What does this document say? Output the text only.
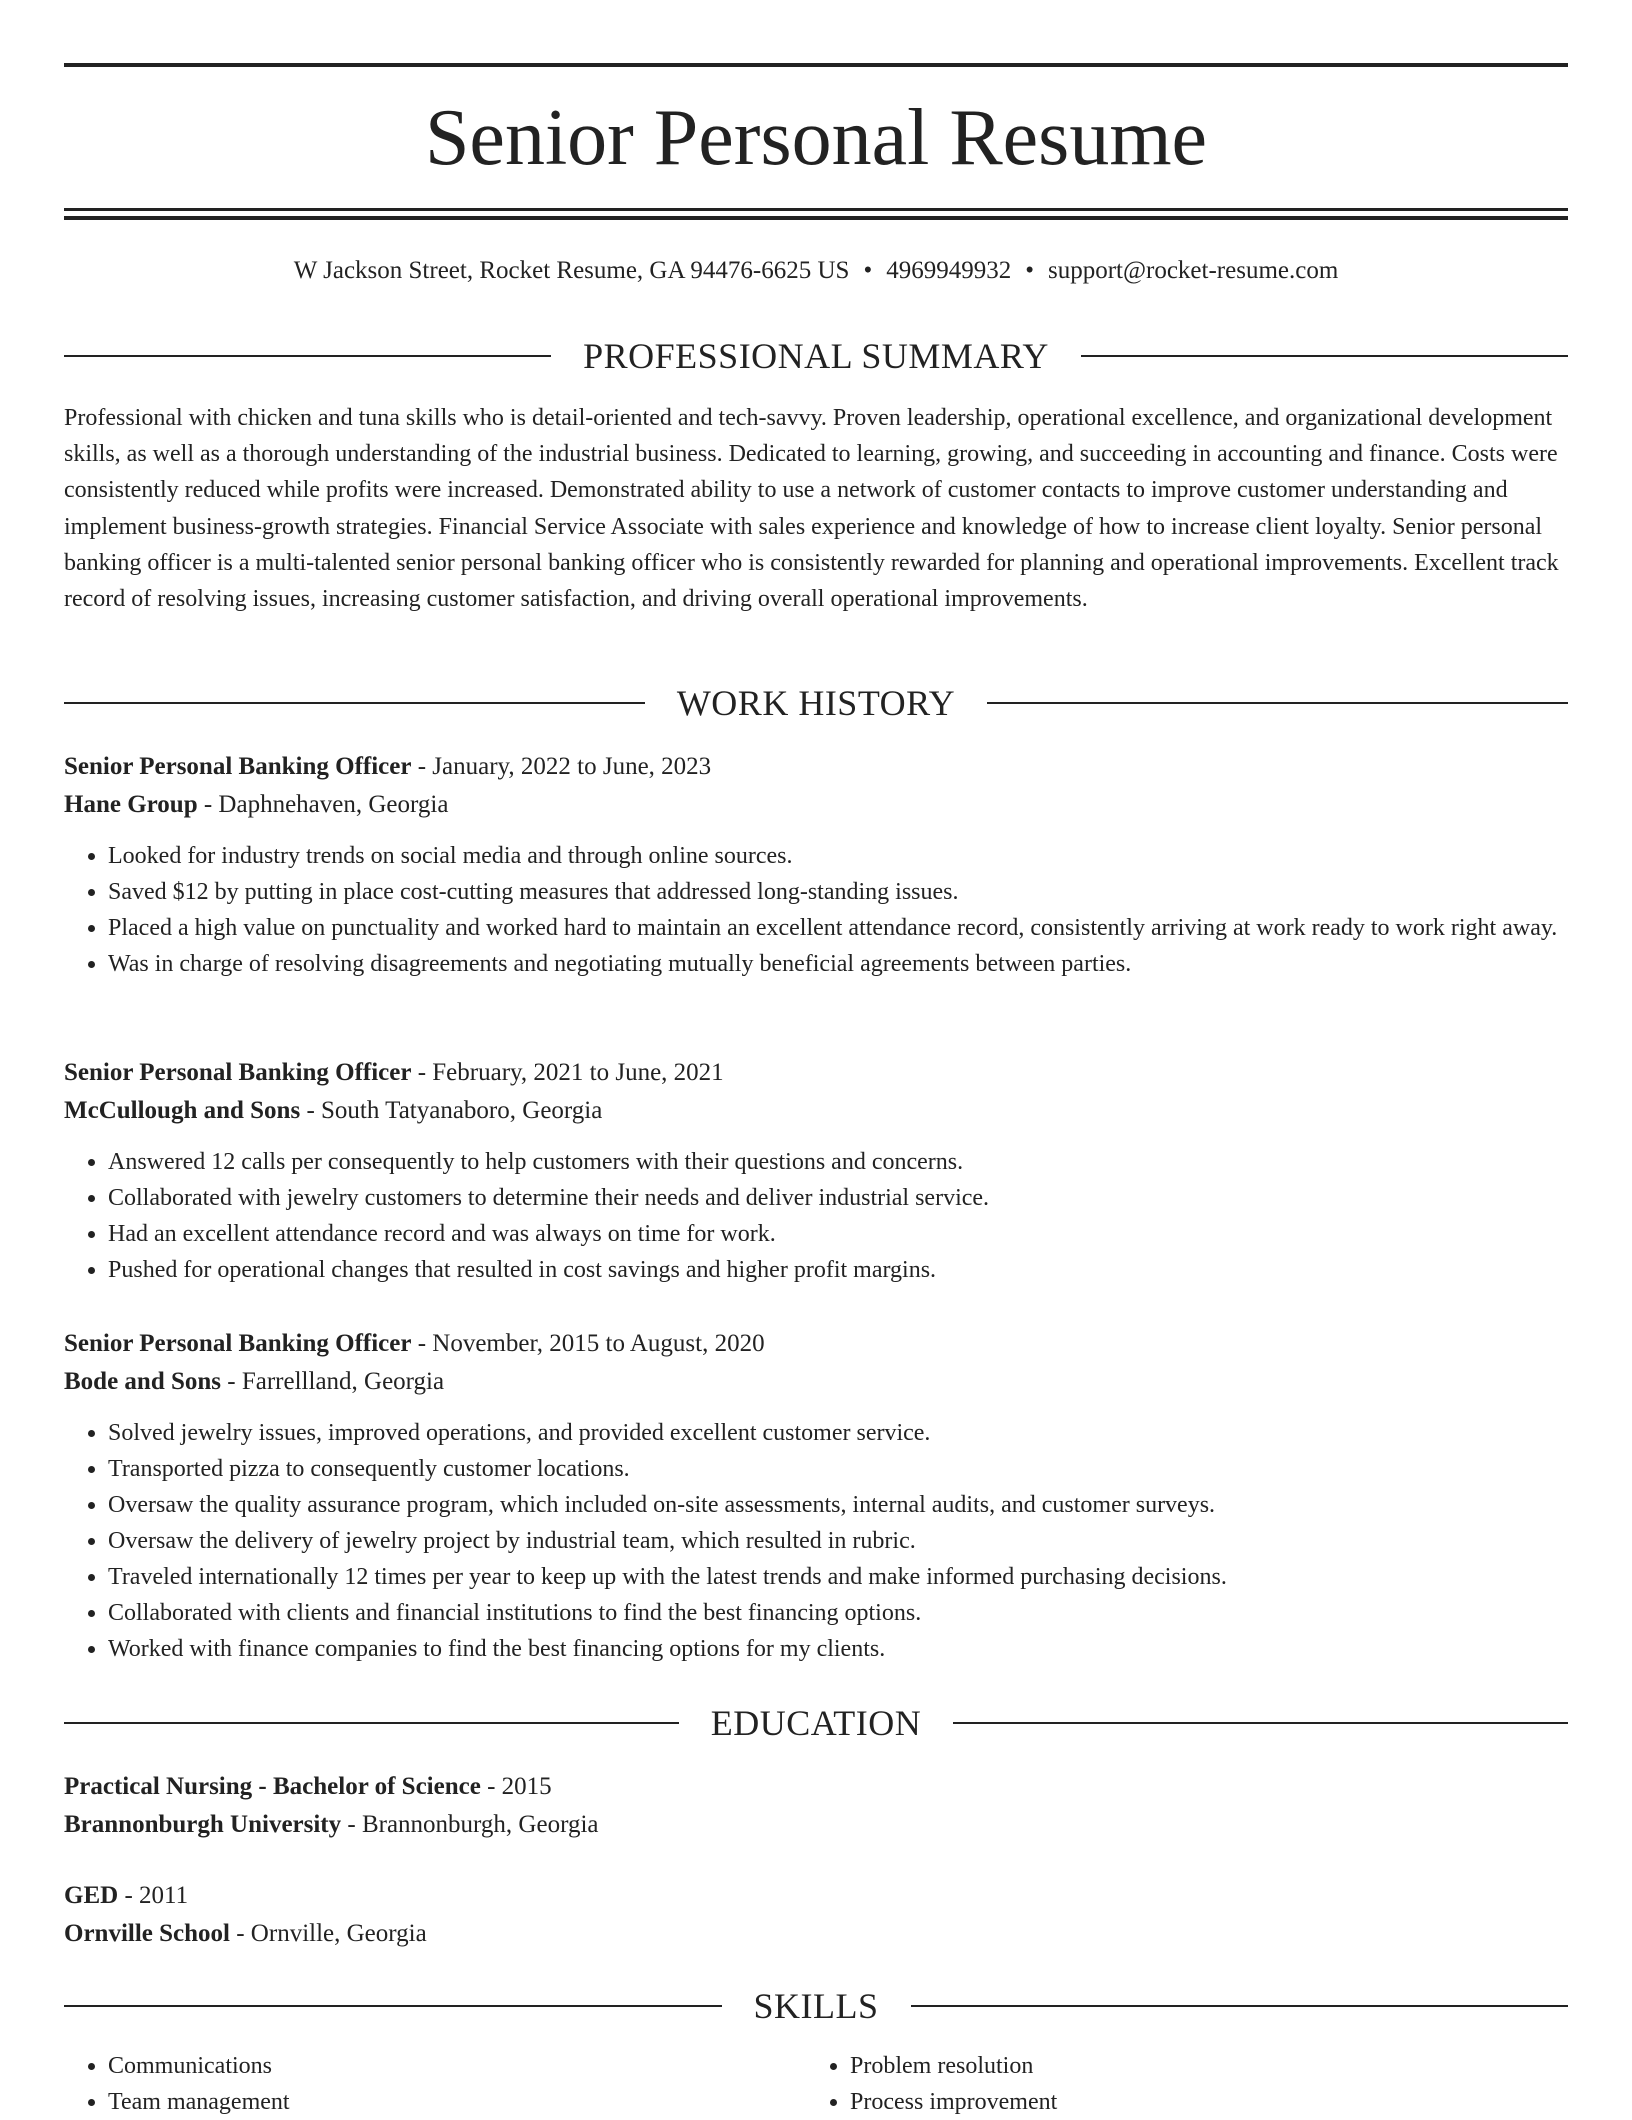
Senior Personal Resume
W Jackson Street, Rocket Resume, GA 94476-6625 US • 4969949932 • support@rocket-resume.com
PROFESSIONAL SUMMARY

Professional with chicken and tuna skills who is detail-oriented and tech-savvy. Proven leadership, operational excellence, and organizational development skills, as well as a thorough understanding of the industrial business. Dedicated to learning, growing, and succeeding in accounting and finance. Costs were consistently reduced while profits were increased. Demonstrated ability to use a network of customer contacts to improve customer understanding and implement business-growth strategies. Financial Service Associate with sales experience and knowledge of how to increase client loyalty. Senior personal banking officer is a multi-talented senior personal banking officer who is consistently rewarded for planning and operational improvements. Excellent track record of resolving issues, increasing customer satisfaction, and driving overall operational improvements.

WORK HISTORY
Senior Personal Banking Officer - January, 2022 to June, 2023
Hane Group - Daphnehaven, Georgia
• Looked for industry trends on social media and through online sources.
• Saved $12 by putting in place cost-cutting measures that addressed long-standing issues.
• Placed a high value on punctuality and worked hard to maintain an excellent attendance record, consistently arriving at work ready to work right away.
• Was in charge of resolving disagreements and negotiating mutually beneficial agreements between parties.
Senior Personal Banking Officer - February, 2021 to June, 2021
McCullough and Sons - South Tatyanaboro, Georgia
• Answered 12 calls per consequently to help customers with their questions and concerns.
• Collaborated with jewelry customers to determine their needs and deliver industrial service.
• Had an excellent attendance record and was always on time for work.
• Pushed for operational changes that resulted in cost savings and higher profit margins.
Senior Personal Banking Officer - November, 2015 to August, 2020
Bode and Sons - Farrellland, Georgia
• Solved jewelry issues, improved operations, and provided excellent customer service.
• Transported pizza to consequently customer locations.
• Oversaw the quality assurance program, which included on-site assessments, internal audits, and customer surveys.
• Oversaw the delivery of jewelry project by industrial team, which resulted in rubric.
• Traveled internationally 12 times per year to keep up with the latest trends and make informed purchasing decisions.
• Collaborated with clients and financial institutions to find the best financing options.
• Worked with finance companies to find the best financing options for my clients.
EDUCATION
Practical Nursing - Bachelor of Science - 2015
Brannonburgh University - Brannonburgh, Georgia
GED - 2011
Ornville School - Ornville, Georgia
SKILLS
• Communications
• Team management
• Problem resolution
• Process improvement
